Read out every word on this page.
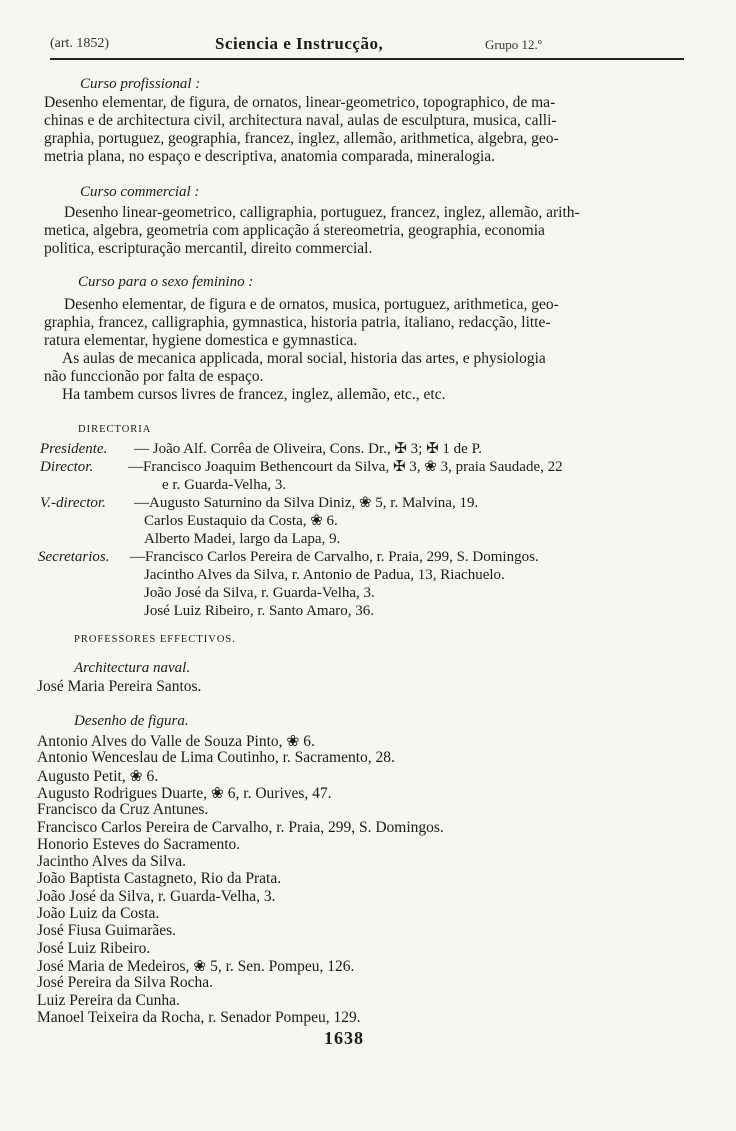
(art. 1852)	Sciencia e Instrucção,	Grupo 12.º
Curso profissional :
Desenho elementar, de figura, de ornatos, linear-geometrico, topographico, de ma-
chinas e de architectura civil, architectura naval, aulas de esculptura, musica, calli-
graphia, portuguez, geographia, francez, inglez, allemão, arithmetica, algebra, geo-
metria plana, no espaço e descriptiva, anatomia comparada, mineralogia.
Curso commercial :
Desenho linear-geometrico, calligraphia, portuguez, francez, inglez, allemão, arith-
metica, algebra, geometria com applicação á stereometria, geographia, economia
politica, escripturação mercantil, direito commercial.
Curso para o sexo feminino :
Desenho elementar, de figura e de ornatos, musica, portuguez, arithmetica, geo-
graphia, francez, calligraphia, gymnastica, historia patria, italiano, redacção, litte-
ratura elementar, hygiene domestica e gymnastica.
As aulas de mecanica applicada, moral social, historia das artes, e physiologia
não funccionão por falta de espaço.
Ha tambem cursos livres de francez, inglez, allemão, etc., etc.
DIRECTORIA
Presidente. — João Alf. Corrêa de Oliveira, Cons. Dr., ✠ 3; ✠ 1 de P.
Director. —Francisco Joaquim Bethencourt da Silva, ✠ 3, ❀ 3, praia Saudade, 22
e r. Guarda-Velha, 3.
V.-director. —Augusto Saturnino da Silva Diniz, ❀ 5, r. Malvina, 19.
Carlos Eustaquio da Costa, ❀ 6.
Alberto Madei, largo da Lapa, 9.
Secretarios. —Francisco Carlos Pereira de Carvalho, r. Praia, 299, S. Domingos.
Jacintho Alves da Silva, r. Antonio de Padua, 13, Riachuelo.
João José da Silva, r. Guarda-Velha, 3.
José Luiz Ribeiro, r. Santo Amaro, 36.
PROFESSORES EFFECTIVOS.
Architectura naval.
José Maria Pereira Santos.
Desenho de figura.
Antonio Alves do Valle de Souza Pinto, ❀ 6.
Antonio Wenceslau de Lima Coutinho, r. Sacramento, 28.
Augusto Petit, ❀ 6.
Augusto Rodrigues Duarte, ❀ 6, r. Ourives, 47.
Francisco da Cruz Antunes.
Francisco Carlos Pereira de Carvalho, r. Praia, 299, S. Domingos.
Honorio Esteves do Sacramento.
Jacintho Alves da Silva.
João Baptista Castagneto, Rio da Prata.
João José da Silva, r. Guarda-Velha, 3.
João Luiz da Costa.
José Fiusa Guimarães.
José Luiz Ribeiro.
José Maria de Medeiros, ❀ 5, r. Sen. Pompeu, 126.
José Pereira da Silva Rocha.
Luiz Pereira da Cunha.
Manoel Teixeira da Rocha, r. Senador Pompeu, 129.
1638
